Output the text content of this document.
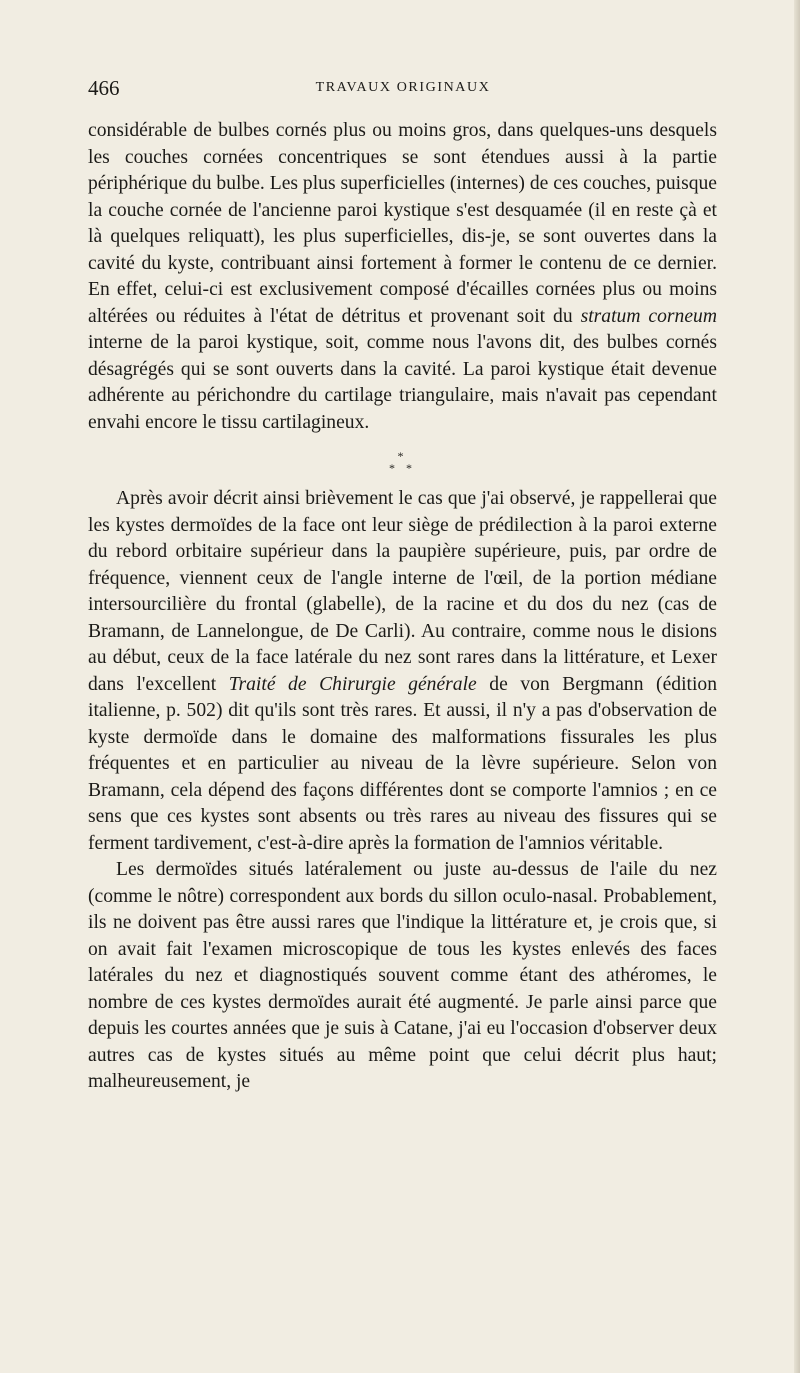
466	TRAVAUX ORIGINAUX

considérable de bulbes cornés plus ou moins gros, dans quelques-uns desquels les couches cornées concentriques se sont étendues aussi à la partie périphérique du bulbe. Les plus superficielles (internes) de ces couches, puisque la couche cornée de l'ancienne paroi kystique s'est desquamée (il en reste çà et là quelques reliquatt), les plus superficielles, dis-je, se sont ouvertes dans la cavité du kyste, contribuant ainsi fortement à former le contenu de ce dernier. En effet, celui-ci est exclusivement composé d'écailles cornées plus ou moins altérées ou réduites à l'état de détritus et provenant soit du stratum corneum interne de la paroi kystique, soit, comme nous l'avons dit, des bulbes cornés désagrégés qui se sont ouverts dans la cavité. La paroi kystique était devenue adhérente au périchondre du cartilage triangulaire, mais n'avait pas cependant envahi encore le tissu cartilagineux.

*
* *

Après avoir décrit ainsi brièvement le cas que j'ai observé, je rappellerai que les kystes dermoïdes de la face ont leur siège de prédilection à la paroi externe du rebord orbitaire supérieur dans la paupière supérieure, puis, par ordre de fréquence, viennent ceux de l'angle interne de l'œil, de la portion médiane intersourcilière du frontal (glabelle), de la racine et du dos du nez (cas de Bramann, de Lannelongue, de De Carli). Au contraire, comme nous le disions au début, ceux de la face latérale du nez sont rares dans la littérature, et Lexer dans l'excellent Traité de Chirurgie générale de von Bergmann (édition italienne, p. 502) dit qu'ils sont très rares. Et aussi, il n'y a pas d'observation de kyste dermoïde dans le domaine des malformations fissurales les plus fréquentes et en particulier au niveau de la lèvre supérieure. Selon von Bramann, cela dépend des façons différentes dont se comporte l'amnios ; en ce sens que ces kystes sont absents ou très rares au niveau des fissures qui se ferment tardivement, c'est-à-dire après la formation de l'amnios véritable.

Les dermoïdes situés latéralement ou juste au-dessus de l'aile du nez (comme le nôtre) correspondent aux bords du sillon oculo-nasal. Probablement, ils ne doivent pas être aussi rares que l'indique la littérature et, je crois que, si on avait fait l'examen microscopique de tous les kystes enlevés des faces latérales du nez et diagnostiqués souvent comme étant des athéromes, le nombre de ces kystes dermoïdes aurait été augmenté. Je parle ainsi parce que depuis les courtes années que je suis à Catane, j'ai eu l'occasion d'observer deux autres cas de kystes situés au même point que celui décrit plus haut; malheureusement, je
